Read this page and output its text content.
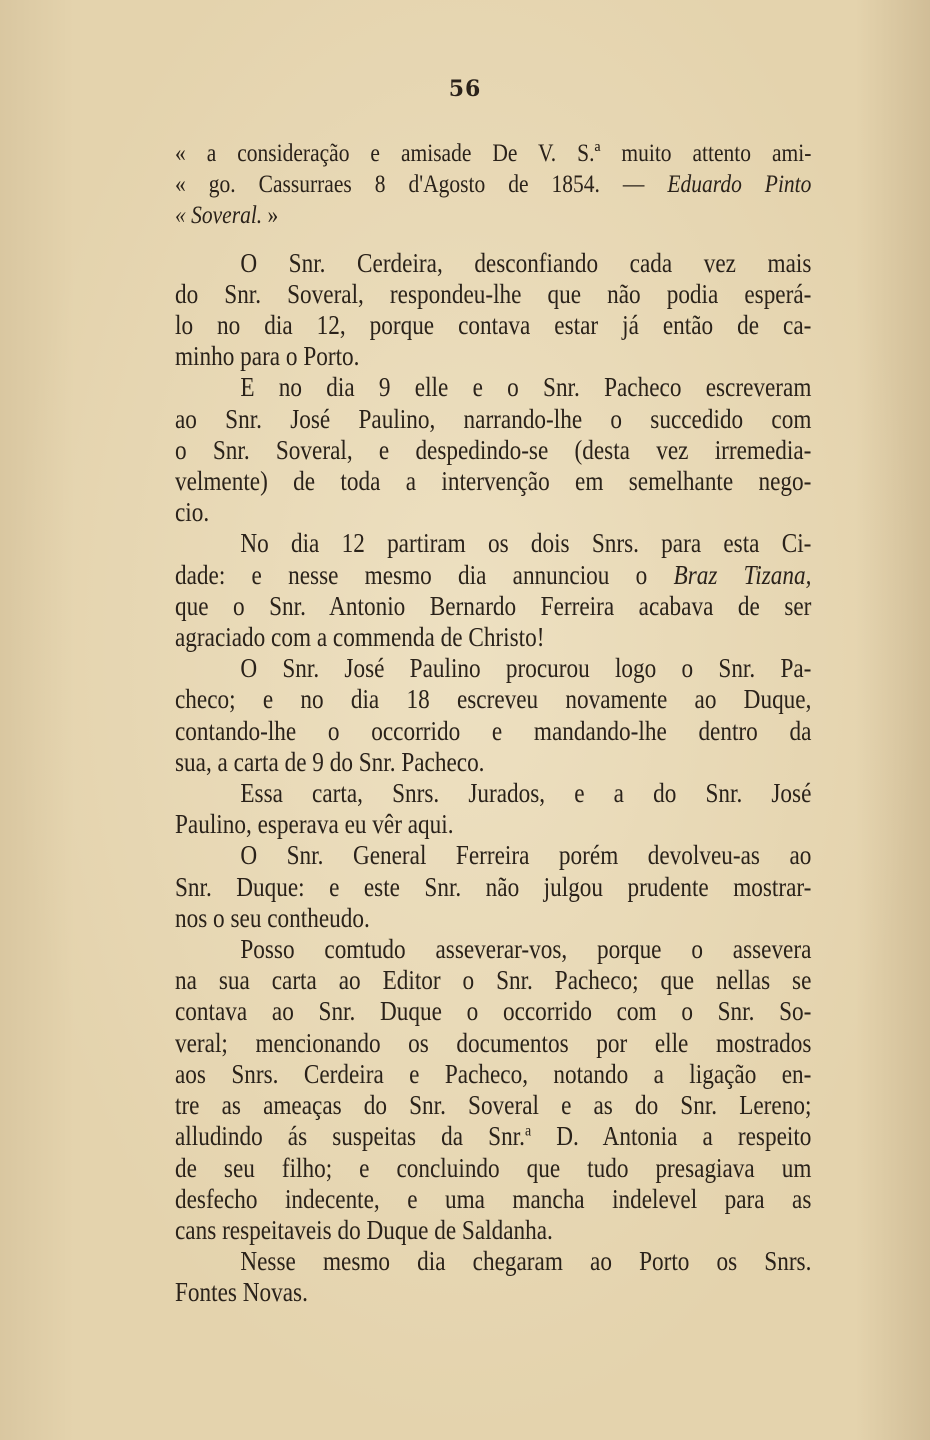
56
« a consideração e amisade De V. S.ª muito attento ami-
« go. Cassurraes 8 d'Agosto de 1854. — Eduardo Pinto
« Soveral. »
O Snr. Cerdeira, desconfiando cada vez mais
do Snr. Soveral, respondeu-lhe que não podia esperá-
lo no dia 12, porque contava estar já então de ca-
minho para o Porto.
E no dia 9 elle e o Snr. Pacheco escreveram
ao Snr. José Paulino, narrando-lhe o succedido com
o Snr. Soveral, e despedindo-se (desta vez irremedia-
velmente) de toda a intervenção em semelhante nego-
cio.
No dia 12 partiram os dois Snrs. para esta Ci-
dade: e nesse mesmo dia annunciou o Braz Tizana,
que o Snr. Antonio Bernardo Ferreira acabava de ser
agraciado com a commenda de Christo!
O Snr. José Paulino procurou logo o Snr. Pa-
checo; e no dia 18 escreveu novamente ao Duque,
contando-lhe o occorrido e mandando-lhe dentro da
sua, a carta de 9 do Snr. Pacheco.
Essa carta, Snrs. Jurados, e a do Snr. José
Paulino, esperava eu vêr aqui.
O Snr. General Ferreira porém devolveu-as ao
Snr. Duque: e este Snr. não julgou prudente mostrar-
nos o seu contheudo.
Posso comtudo asseverar-vos, porque o assevera
na sua carta ao Editor o Snr. Pacheco; que nellas se
contava ao Snr. Duque o occorrido com o Snr. So-
veral; mencionando os documentos por elle mostrados
aos Snrs. Cerdeira e Pacheco, notando a ligação en-
tre as ameaças do Snr. Soveral e as do Snr. Lereno;
alludindo ás suspeitas da Snr.$^a$ D. Antonia a respeito
de seu filho; e concluindo que tudo presagiava um
desfecho indecente, e uma mancha indelevel para as
cans respeitaveis do Duque de Saldanha.
Nesse mesmo dia chegaram ao Porto os Snrs.
Fontes Novas.
